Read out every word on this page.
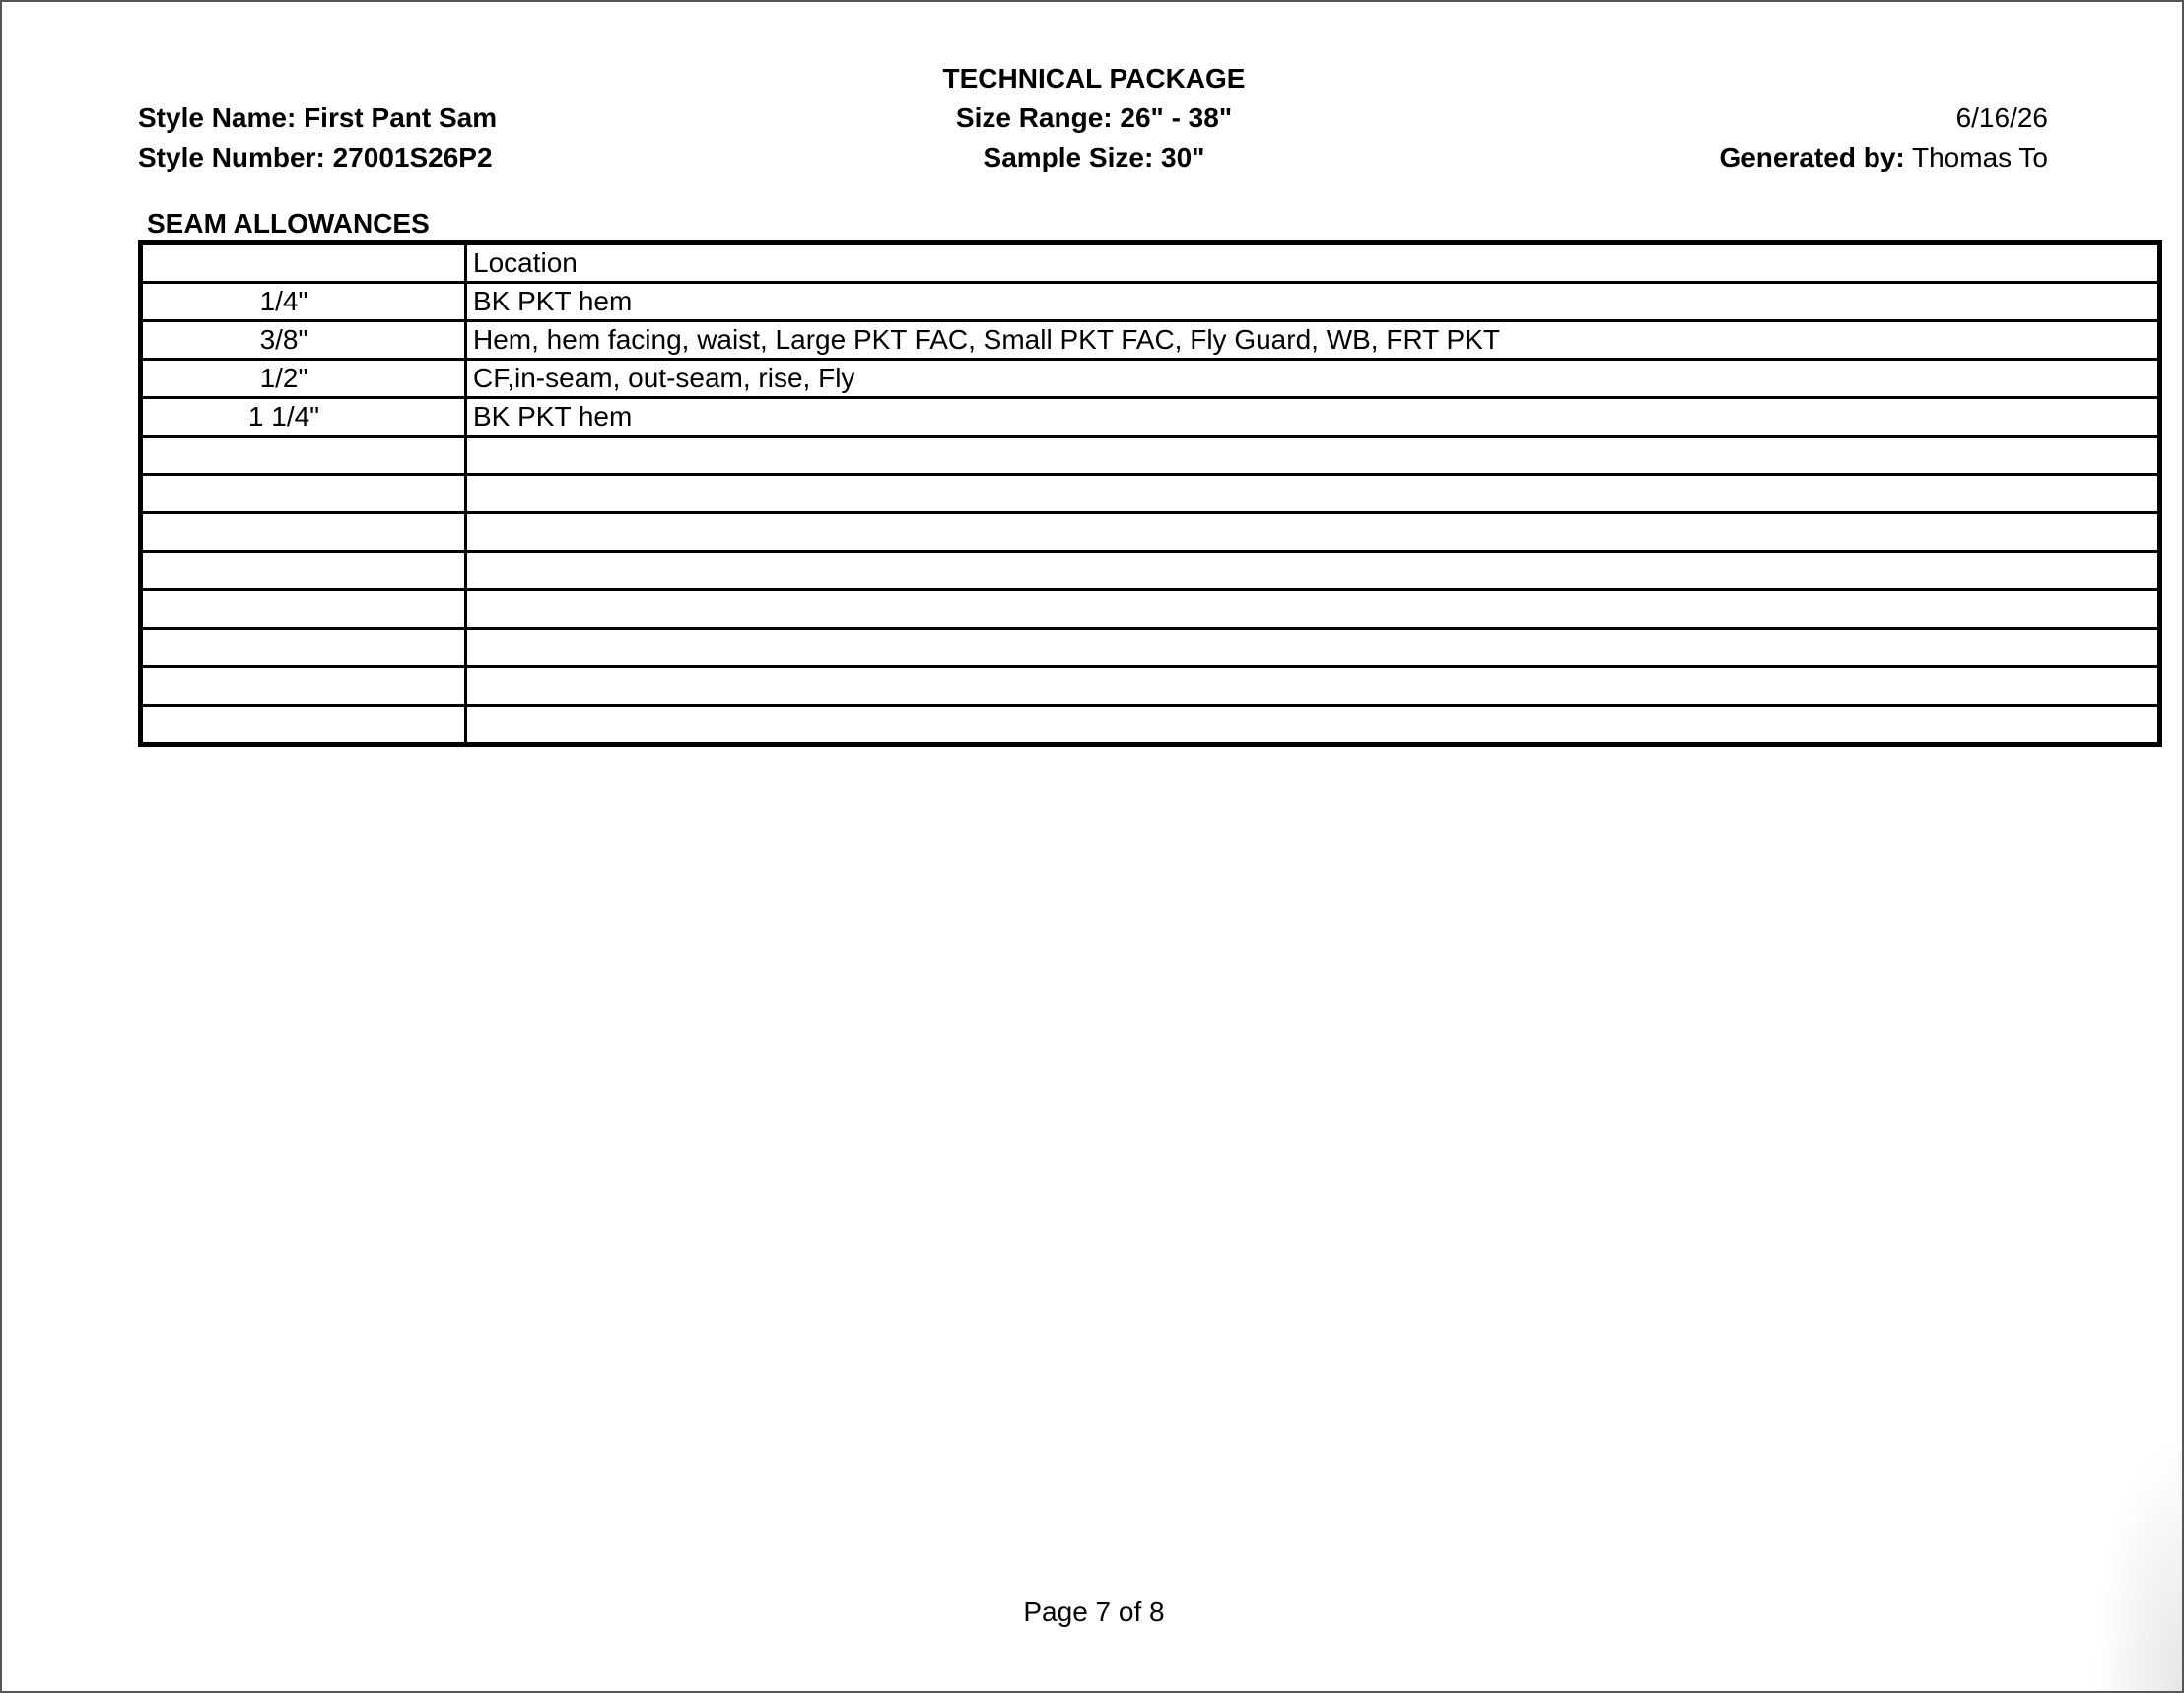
Style Name: First Pant Sam
Style Number: 27001S26P2
TECHNICAL PACKAGE
Size Range: 26" - 38"
Sample Size: 30"
6/16/26
Generated by: Thomas To
SEAM ALLOWANCES
	Location
1/4"	BK PKT hem
3/8"	Hem, hem facing, waist, Large PKT FAC, Small PKT FAC, Fly Guard, WB, FRT PKT
1/2"	CF,in-seam, out-seam, rise, Fly
1 1/4"	BK PKT hem

Page 7 of 8
